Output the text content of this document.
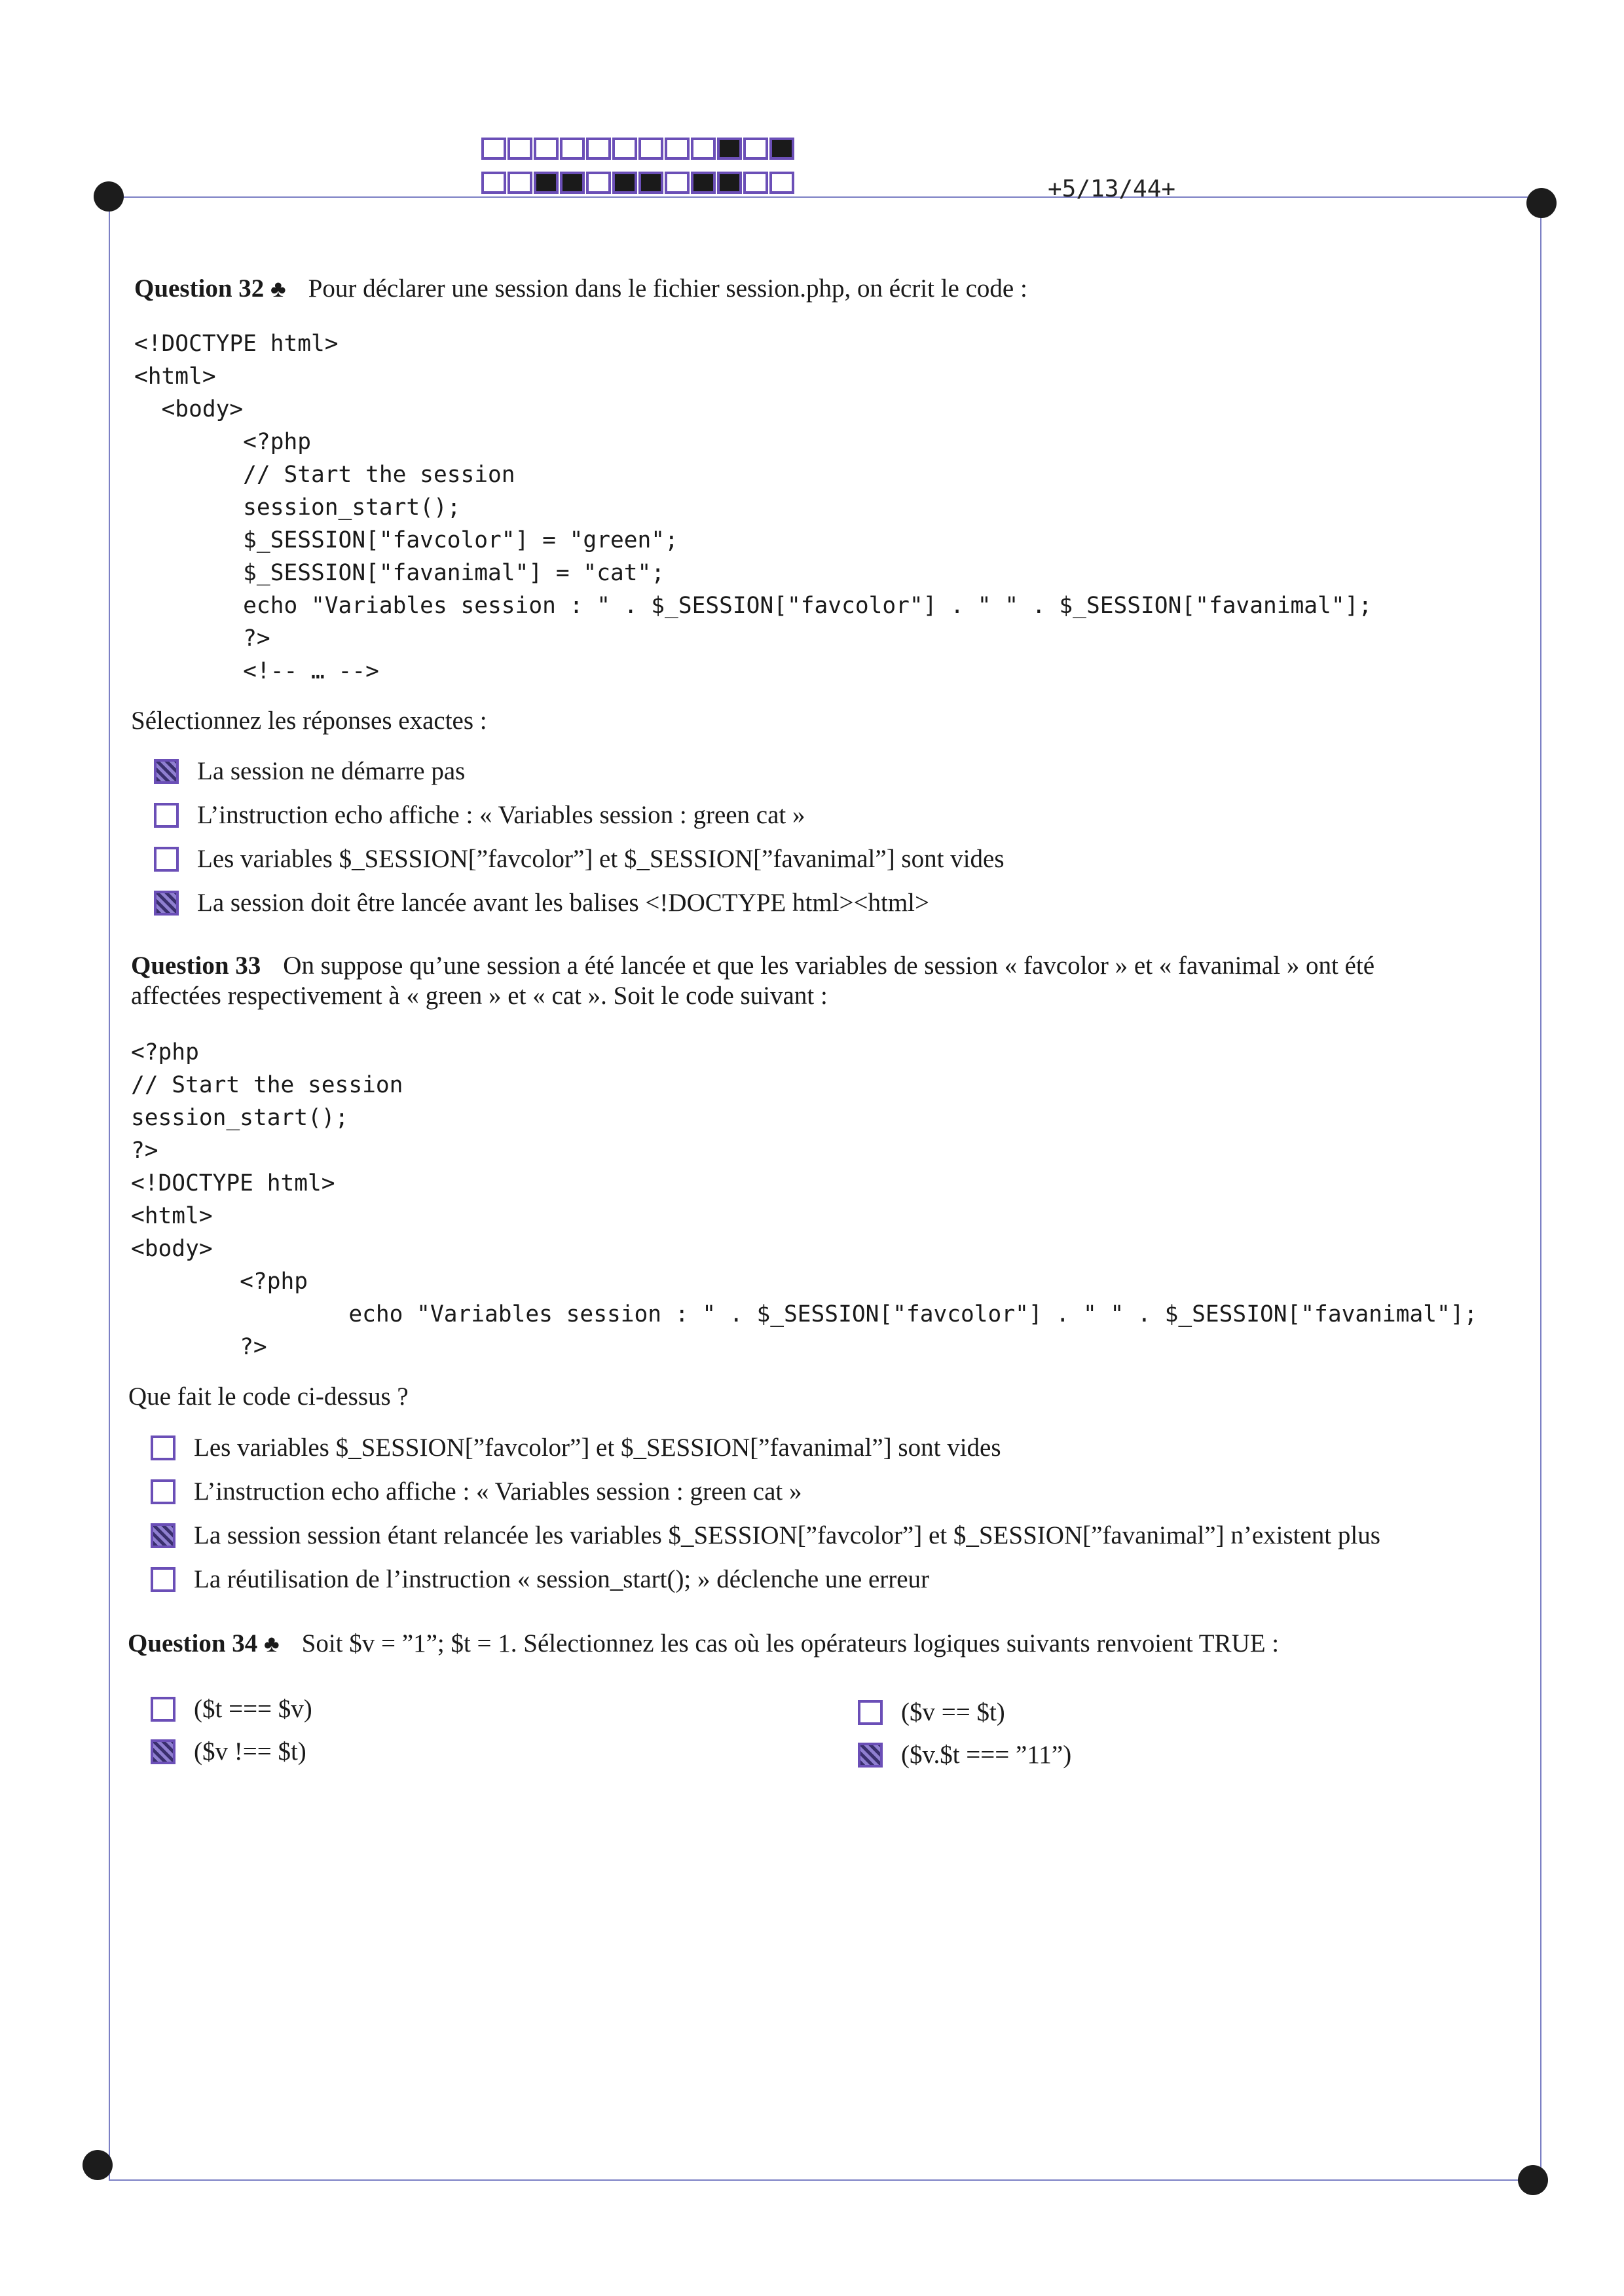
+5/13/44+
Question 32 ♣ Pour déclarer une session dans le fichier session.php, on écrit le code :
<!DOCTYPE html>
<html>
<body>
<?php
// Start the session
session_start();
$_SESSION["favcolor"] = "green";
$_SESSION["favanimal"] = "cat";
echo "Variables session : " . $_SESSION["favcolor"] . " " . $_SESSION["favanimal"];
?>
<!-- … -->
Sélectionnez les réponses exactes :
La session ne démarre pas
L’instruction echo affiche : « Variables session : green cat »
Les variables $_SESSION[”favcolor”] et $_SESSION[”favanimal”] sont vides
La session doit être lancée avant les balises <!DOCTYPE html><html>
Question 33 On suppose qu’une session a été lancée et que les variables de session « favcolor » et « favanimal » ont été
affectées respectivement à « green » et « cat ». Soit le code suivant :
<?php
// Start the session
session_start();
?>
<!DOCTYPE html>
<html>
<body>
<?php
echo "Variables session : " . $_SESSION["favcolor"] . " " . $_SESSION["favanimal"];
?>
Que fait le code ci-dessus ?
Les variables $_SESSION[”favcolor”] et $_SESSION[”favanimal”] sont vides
L’instruction echo affiche : « Variables session : green cat »
La session session étant relancée les variables $_SESSION[”favcolor”] et $_SESSION[”favanimal”] n’existent plus
La réutilisation de l’instruction « session_start(); » déclenche une erreur
Question 34 ♣ Soit $v = ”1”; $t = 1. Sélectionnez les cas où les opérateurs logiques suivants renvoient TRUE :
($t === $v)	($v == $t)
($v !== $t)	($v.$t === ”11”)
